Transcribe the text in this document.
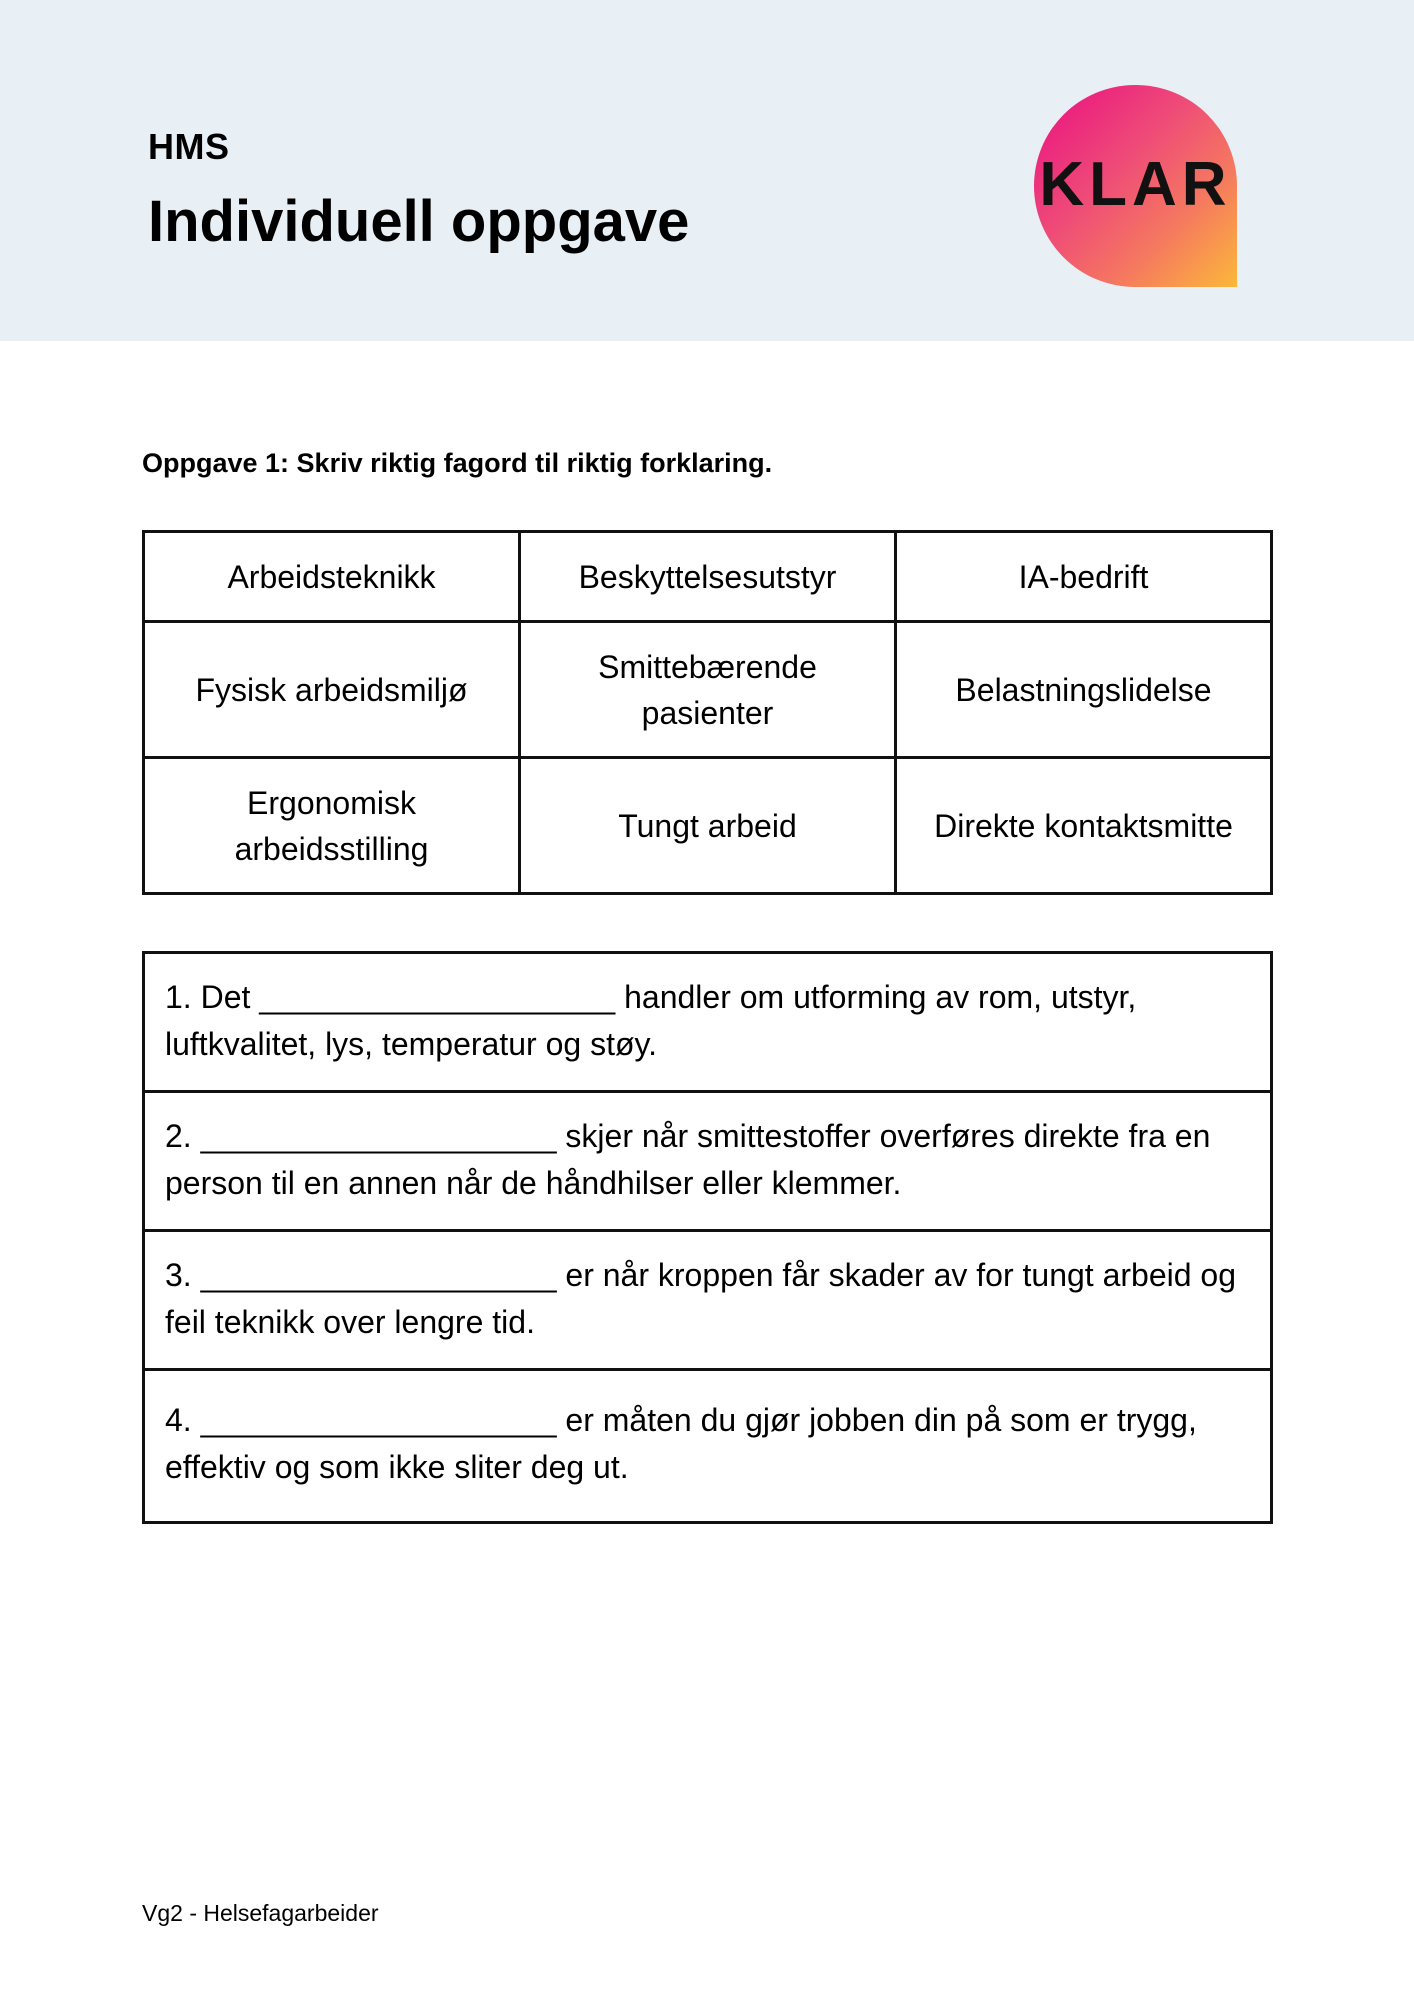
HMS
Individuell oppgave
KLAR
Oppgave 1: Skriv riktig fagord til riktig forklaring.
Arbeidsteknikk	Beskyttelsesutstyr	IA-bedrift
Fysisk arbeidsmiljø	Smittebærende pasienter	Belastningslidelse
Ergonomisk arbeidsstilling	Tungt arbeid	Direkte kontaktsmitte
1. Det ____________________ handler om utforming av rom, utstyr, luftkvalitet, lys, temperatur og støy.
2. ____________________ skjer når smittestoffer overføres direkte fra en person til en annen når de håndhilser eller klemmer.
3. ____________________ er når kroppen får skader av for tungt arbeid og feil teknikk over lengre tid.
4. ____________________ er måten du gjør jobben din på som er trygg, effektiv og som ikke sliter deg ut.
Vg2 - Helsefagarbeider
